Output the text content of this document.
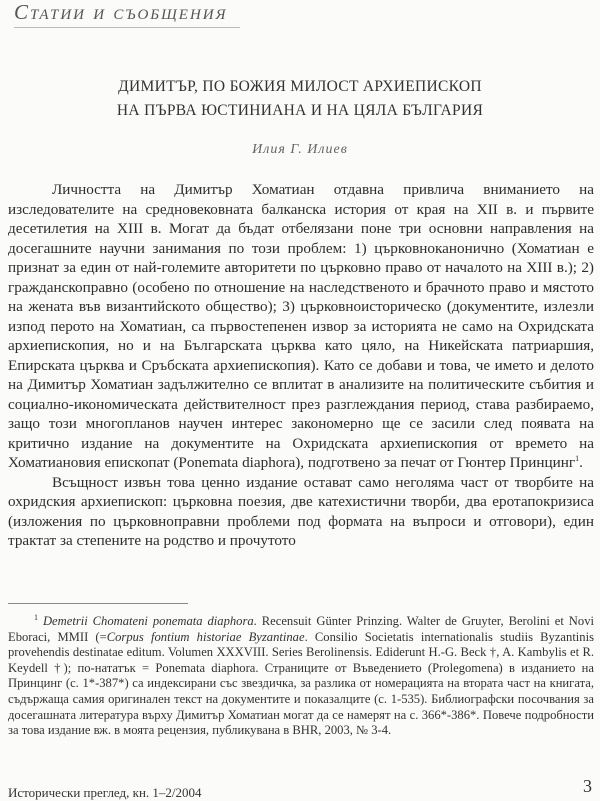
Статии и съобщения
ДИМИТЪР, ПО БОЖИЯ МИЛОСТ АРХИЕПИСКОП
НА ПЪРВА ЮСТИНИАНА И НА ЦЯЛА БЪЛГАРИЯ
Илия Г. Илиев

Личността на Димитър Хоматиан отдавна привлича вниманието на изследователите на средновековната балканска история от края на XII в. и първите десетилетия на XIII в. Могат да бъдат отбелязани поне три основни направления на досегашните научни занимания по този проблем: 1) църковноканонично (Хоматиан е признат за един от най-големите авторитети по църковно право от началото на XIII в.); 2) гражданскоправно (особено по отношение на наследственото и брачното право и мястото на жената във византийското общество); 3) църковноисторическо (документите, излезли изпод перото на Хоматиан, са първостепенен извор за историята не само на Охридската архиепископия, но и на Българската църква като цяло, на Никейската патриаршия, Епирската църква и Сръбската архиепископия). Като се добави и това, че името и делото на Димитър Хоматиан задължително се вплитат в анализите на политическите събития и социално-икономическата действителност през разглеждания период, става разбираемо, защо този многопланов научен интерес закономерно ще се засили след появата на критично издание на документите на Охридската архиепископия от времето на Хоматиановия епископат (Ponemata diaphora), подготвено за печат от Гюнтер Принцинг$^1$.

Всъщност извън това ценно издание остават само неголяма част от творбите на охридския архиепископ: църковна поезия, две катехистични творби, два еротапокризиса (изложения по църковноправни проблеми под формата на въпроси и отговори), един трактат за степените на родство и прочутото

$^1$ Demetrii Chomateni ponemata diaphora. Recensuit Günter Prinzing. Walter de Gruyter, Berolini et Novi Eboraci, MMII (=Corpus fontium historiae Byzantinae. Consilio Societatis internationalis studiis Byzantinis provehendis destinatae editum. Volumen XXXVIII. Series Berolinensis. Ediderunt H.-G. Beck †, A. Kambylis et R. Keydell †); по-нататък = Ponemata diaphora. Страниците от Въведението (Prolegomena) в изданието на Принцинг (с. 1*-387*) са индексирани със звездичка, за разлика от номерацията на втората част на книгата, съдържаща самия оригинален текст на документите и показалците (с. 1-535). Библиографски посочвания за досегашната литература върху Димитър Хоматиан могат да се намерят на с. 366*-386*. Повече подробности за това издание вж. в моята рецензия, публикувана в BHR, 2003, № 3-4.

Исторически преглед, кн. 1–2/2004	3
